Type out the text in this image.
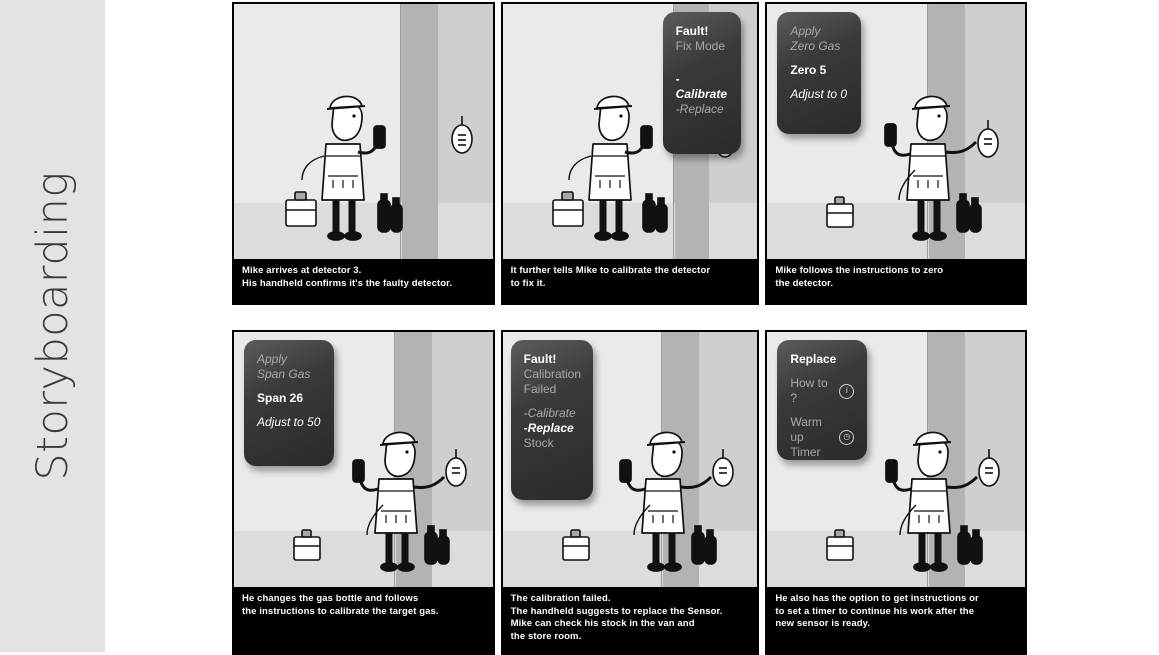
Storyboarding	Mike arrives at detector 3.
His handheld confirms it's the faulty detector.
Fault!
Fix Mode
-Calibrate
-Replace
It further tells Mike to calibrate the detector
to fix it.
Apply
Zero Gas
Zero 5
Adjust to 0
Mike follows the instructions to zero
the detector.
Apply
Span Gas
Span 26
Adjust to 50
He changes the gas bottle and follows
the instructions to calibrate the target gas.
Fault!
Calibration
Failed
-Calibrate
-Replace
Stock
The calibration failed.
The handheld suggests to replace the Sensor.
Mike can check his stock in the van and
the store room.
Replace
How to ?
i
Warm up
Timer
◷
He also has the option to get instructions or
to set a timer to continue his work after the
new sensor is ready.
